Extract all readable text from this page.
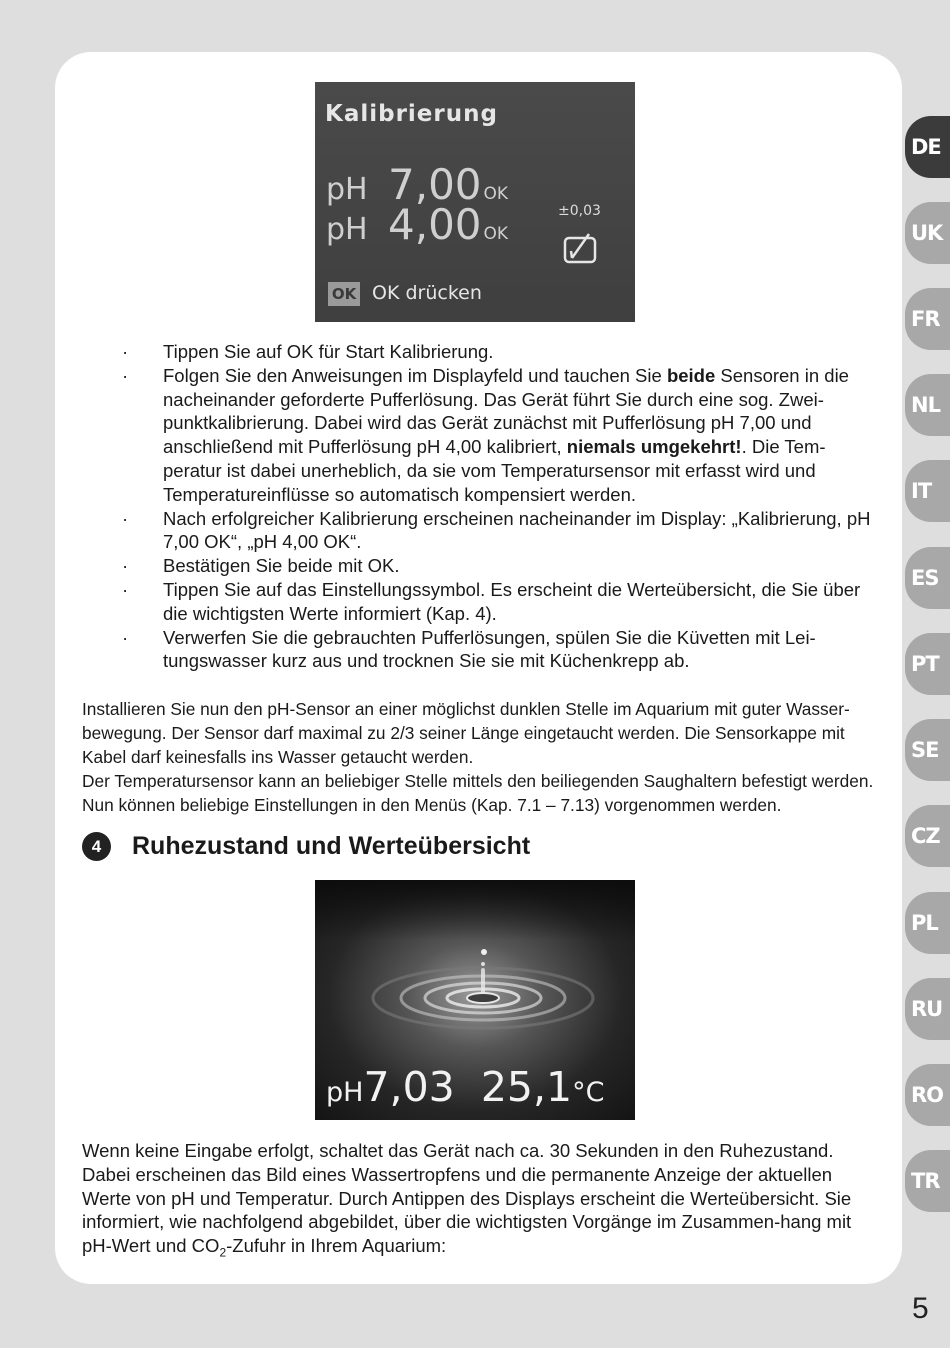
DE
UK
FR
NL
IT
ES
PT
SE
CZ
PL
RU
RO
TR
Kalibrierung
pH 7,00 OK
pH 4,00 OK
±0,03
OK OK drücken
· Tippen Sie auf OK für Start Kalibrierung.
· Folgen Sie den Anweisungen im Displayfeld und tauchen Sie beide Sensoren in die nacheinander geforderte Pufferlösung. Das Gerät führt Sie durch eine sog. Zwei-punktkalibrierung. Dabei wird das Gerät zunächst mit Pufferlösung pH 7,00 und anschließend mit Pufferlösung pH 4,00 kalibriert, niemals umgekehrt!. Die Tem-peratur ist dabei unerheblich, da sie vom Temperatursensor mit erfasst wird und Temperatureinflüsse so automatisch kompensiert werden.
· Nach erfolgreicher Kalibrierung erscheinen nacheinander im Display: „Kalibrierung, pH 7,00 OK“, „pH 4,00 OK“.
· Bestätigen Sie beide mit OK.
· Tippen Sie auf das Einstellungssymbol. Es erscheint die Werteübersicht, die Sie über die wichtigsten Werte informiert (Kap. 4).
· Verwerfen Sie die gebrauchten Pufferlösungen, spülen Sie die Küvetten mit Lei-tungswasser kurz aus und trocknen Sie sie mit Küchenkrepp ab.
Installieren Sie nun den pH-Sensor an einer möglichst dunklen Stelle im Aquarium mit guter Wasser-bewegung. Der Sensor darf maximal zu 2/3 seiner Länge eingetaucht werden. Die Sensorkappe mit Kabel darf keinesfalls ins Wasser getaucht werden.
Der Temperatursensor kann an beliebiger Stelle mittels den beiliegenden Saughaltern befestigt werden. Nun können beliebige Einstellungen in den Menüs (Kap. 7.1 – 7.13) vorgenommen werden.
4	Ruhezustand und Werteübersicht
pH7,03 25,1°C

Wenn keine Eingabe erfolgt, schaltet das Gerät nach ca. 30 Sekunden in den Ruhezustand. Dabei erscheinen das Bild eines Wassertropfens und die permanente Anzeige der aktuellen Werte von pH und Temperatur. Durch Antippen des Displays erscheint die Werteübersicht. Sie informiert, wie nachfolgend abgebildet, über die wichtigsten Vorgänge im Zusammen-hang mit pH-Wert und $CO_2$-Zufuhr in Ihrem Aquarium:

5
